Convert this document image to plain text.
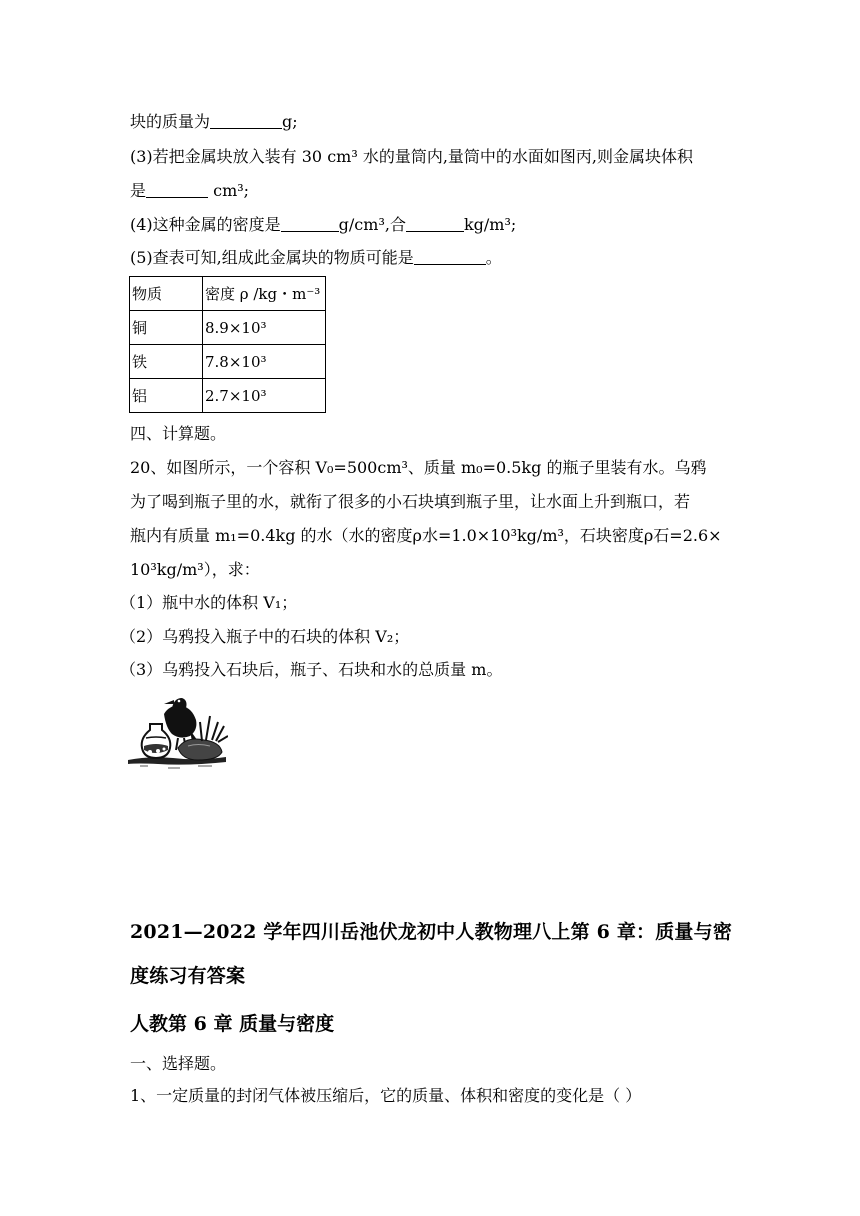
块的质量为	g;
(3)若把金属块放入装有 30 cm³ 水的量筒内,量筒中的水面如图丙,则金属块体积
是	cm³;
(4)这种金属的密度是	g/cm³,合	kg/m³;
(5)查表可知,组成此金属块的物质可能是	。
物质	密度 ρ /kg・m⁻³
铜	8.9×10³
铁	7.8×10³
铝	2.7×10³
四、计算题。
20、如图所示，一个容积 V₀=500cm³、质量 m₀=0.5kg 的瓶子里装有水。乌鸦
为了喝到瓶子里的水，就衔了很多的小石块填到瓶子里，让水面上升到瓶口，若
瓶内有质量 m₁=0.4kg 的水（水的密度ρ水=1.0×10³kg/m³，石块密度ρ石=2.6×
10³kg/m³），求：
（1）瓶中水的体积 V₁；
（2）乌鸦投入瓶子中的石块的体积 V₂；
（3）乌鸦投入石块后，瓶子、石块和水的总质量 m。
2021—2022 学年四川岳池伏龙初中人教物理八上第 6 章：质量与密
度练习有答案
人教第 6 章 质量与密度
一、选择题。
1、一定质量的封闭气体被压缩后，它的质量、体积和密度的变化是（ ）
